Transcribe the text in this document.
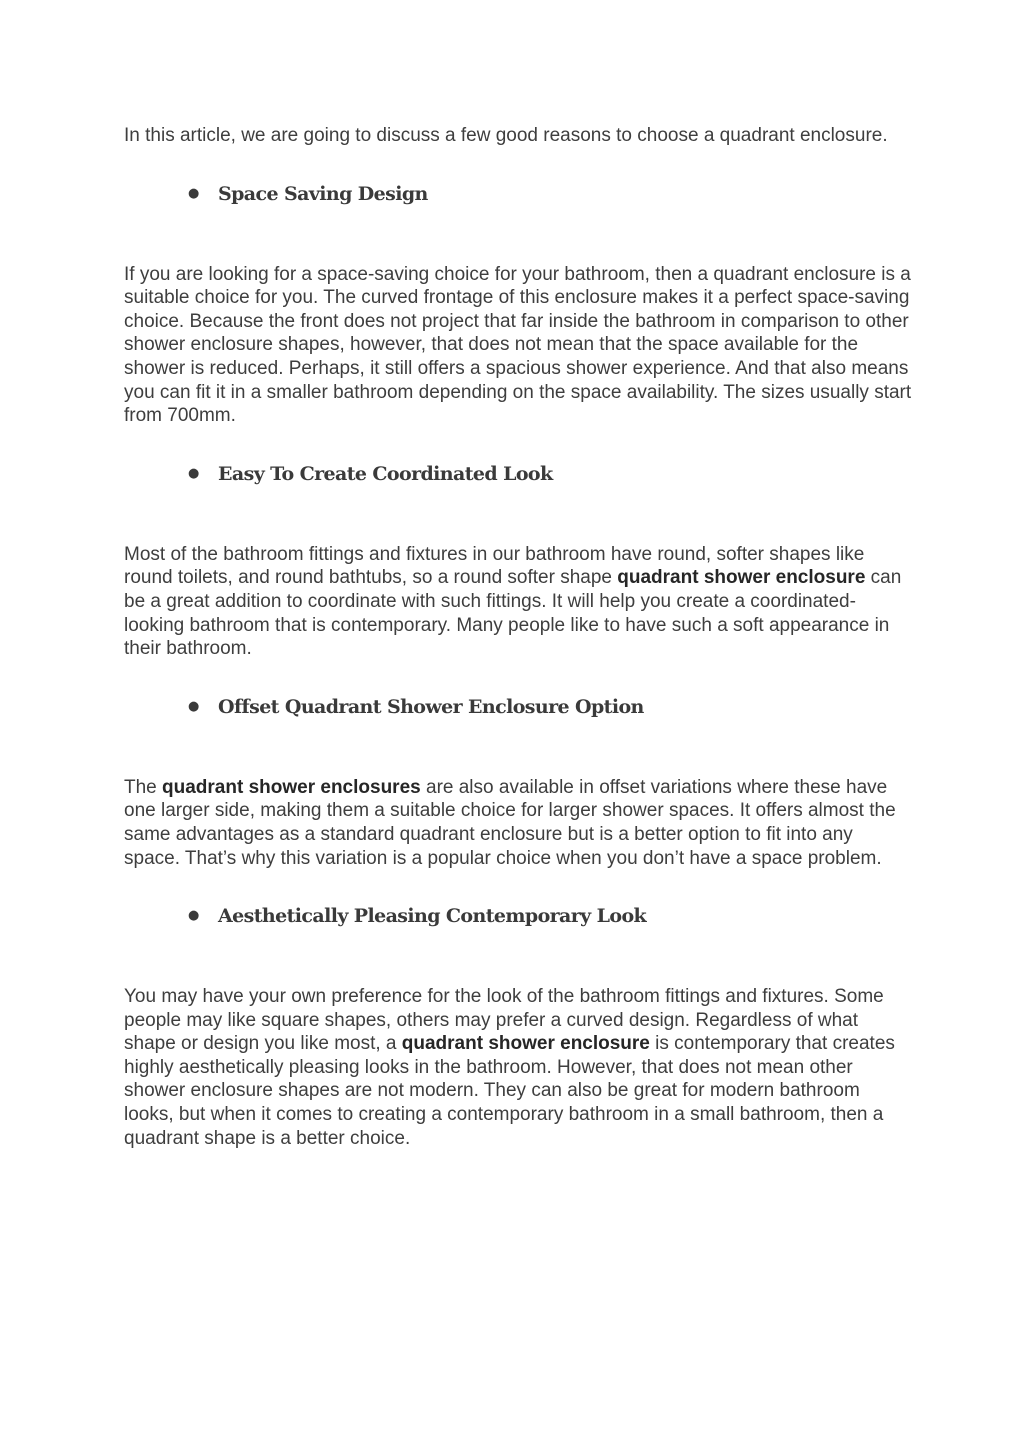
In this article, we are going to discuss a few good reasons to choose a quadrant enclosure.

● Space Saving Design

If you are looking for a space-saving choice for your bathroom, then a quadrant enclosure is a suitable choice for you. The curved frontage of this enclosure makes it a perfect space-saving choice. Because the front does not project that far inside the bathroom in comparison to other shower enclosure shapes, however, that does not mean that the space available for the shower is reduced. Perhaps, it still offers a spacious shower experience. And that also means you can fit it in a smaller bathroom depending on the space availability. The sizes usually start from 700mm.

● Easy To Create Coordinated Look

Most of the bathroom fittings and fixtures in our bathroom have round, softer shapes like round toilets, and round bathtubs, so a round softer shape quadrant shower enclosure can be a great addition to coordinate with such fittings. It will help you create a coordinated-looking bathroom that is contemporary. Many people like to have such a soft appearance in their bathroom.

● Offset Quadrant Shower Enclosure Option

The quadrant shower enclosures are also available in offset variations where these have one larger side, making them a suitable choice for larger shower spaces. It offers almost the same advantages as a standard quadrant enclosure but is a better option to fit into any space. That’s why this variation is a popular choice when you don’t have a space problem.

● Aesthetically Pleasing Contemporary Look

You may have your own preference for the look of the bathroom fittings and fixtures. Some people may like square shapes, others may prefer a curved design. Regardless of what shape or design you like most, a quadrant shower enclosure is contemporary that creates highly aesthetically pleasing looks in the bathroom. However, that does not mean other shower enclosure shapes are not modern. They can also be great for modern bathroom looks, but when it comes to creating a contemporary bathroom in a small bathroom, then a quadrant shape is a better choice.
